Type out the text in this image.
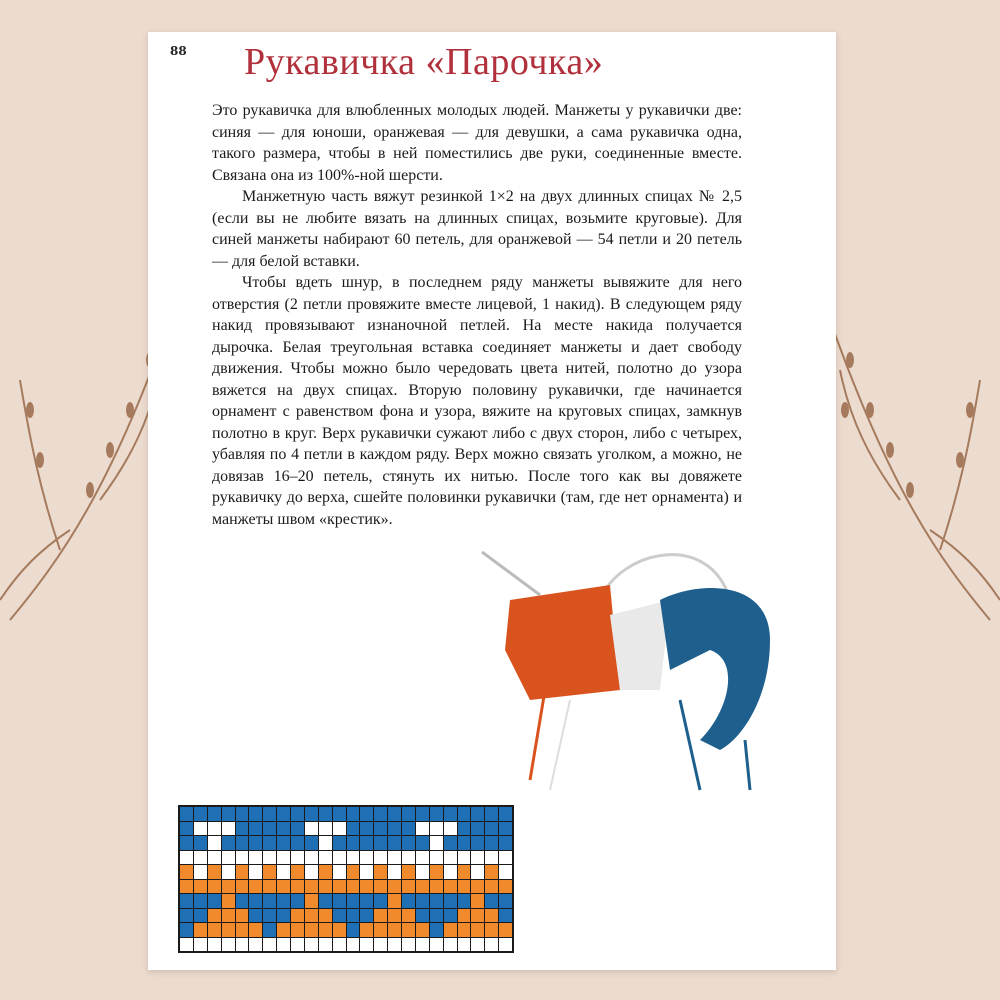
88 Рукавичка «Парочка»

Это рукавичка для влюбленных молодых людей. Манжеты у рукавички две: синяя — для юноши, оранжевая — для девушки, а сама рукавичка одна, такого размера, чтобы в ней поместились две руки, соединенные вместе. Связана она из 100%-ной шерсти.

Манжетную часть вяжут резинкой 1×2 на двух длинных спицах № 2,5 (если вы не любите вязать на длинных спицах, возьмите круговые). Для синей манжеты набирают 60 петель, для оранжевой — 54 петли и 20 петель — для белой вставки.

Чтобы вдеть шнур, в последнем ряду манжеты вывяжите для него отверстия (2 петли провяжите вместе лицевой, 1 накид). В следующем ряду накид провязывают изнаночной петлей. На месте накида получается дырочка. Белая треугольная вставка соединяет манжеты и дает свободу движения. Чтобы можно было чередовать цвета нитей, полотно до узора вяжется на двух спицах. Вторую половину рукавички, где начинается орнамент с равенством фона и узора, вяжите на круговых спицах, замкнув полотно в круг. Верх рукавички сужают либо с двух сторон, либо с четырех, убавляя по 4 петли в каждом ряду. Верх можно связать уголком, а можно, не довязав 16–20 петель, стянуть их нитью. После того как вы довяжете рукавичку до верха, сшейте половинки рукавички (там, где нет орнамента) и манжеты швом «крестик».
